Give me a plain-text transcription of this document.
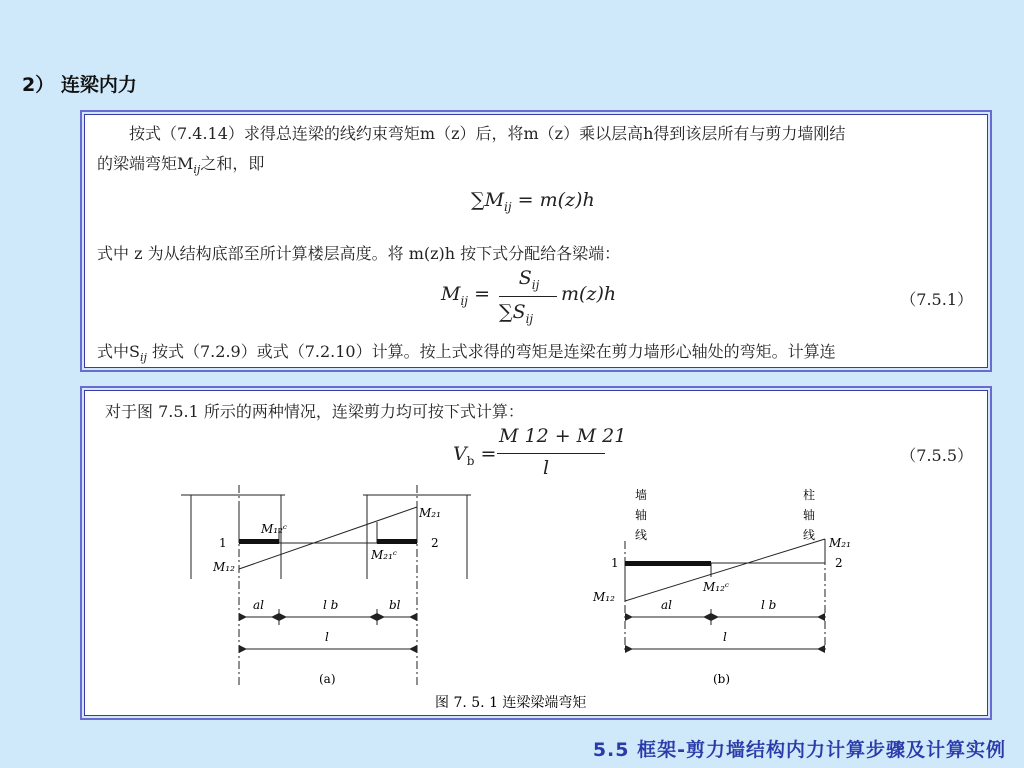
2） 连梁内力
按式（7.4.14）求得总连梁的线约束弯矩m（z）后，将m（z）乘以层高h得到该层所有与剪力墙刚结
的梁端弯矩$M_{ij}$之和，即
$\sum M_{ij} = m(z)h$
式中 z 为从结构底部至所计算楼层高度。将 m(z)h 按下式分配给各梁端：
$M_{ij}$ =
$S_{ij}$
$\sum S_{ij}$
m(z)h	（7.5.1）
式中$S_{ij}$ 按式（7.2.9）或式（7.2.10）计算。按上式求得的弯矩是连梁在剪力墙形心轴处的弯矩。计算连
对于图 7.5.1 所示的两种情况，连梁剪力均可按下式计算：
$V_b$ =
M 12 + M 21
l
（7.5.5）
M₁₂ᶜ
M₂₁
M₁₂
M₂₁ᶜ
1	2
al	l b	bl
l
(a)
墙
轴
线
柱
轴
线
M₂₁
M₁₂
M₁₂ᶜ
1	2
al	l b
l
(b)
图 7. 5. 1 连梁梁端弯矩
5.5 框架-剪力墙结构内力计算步骤及计算实例
